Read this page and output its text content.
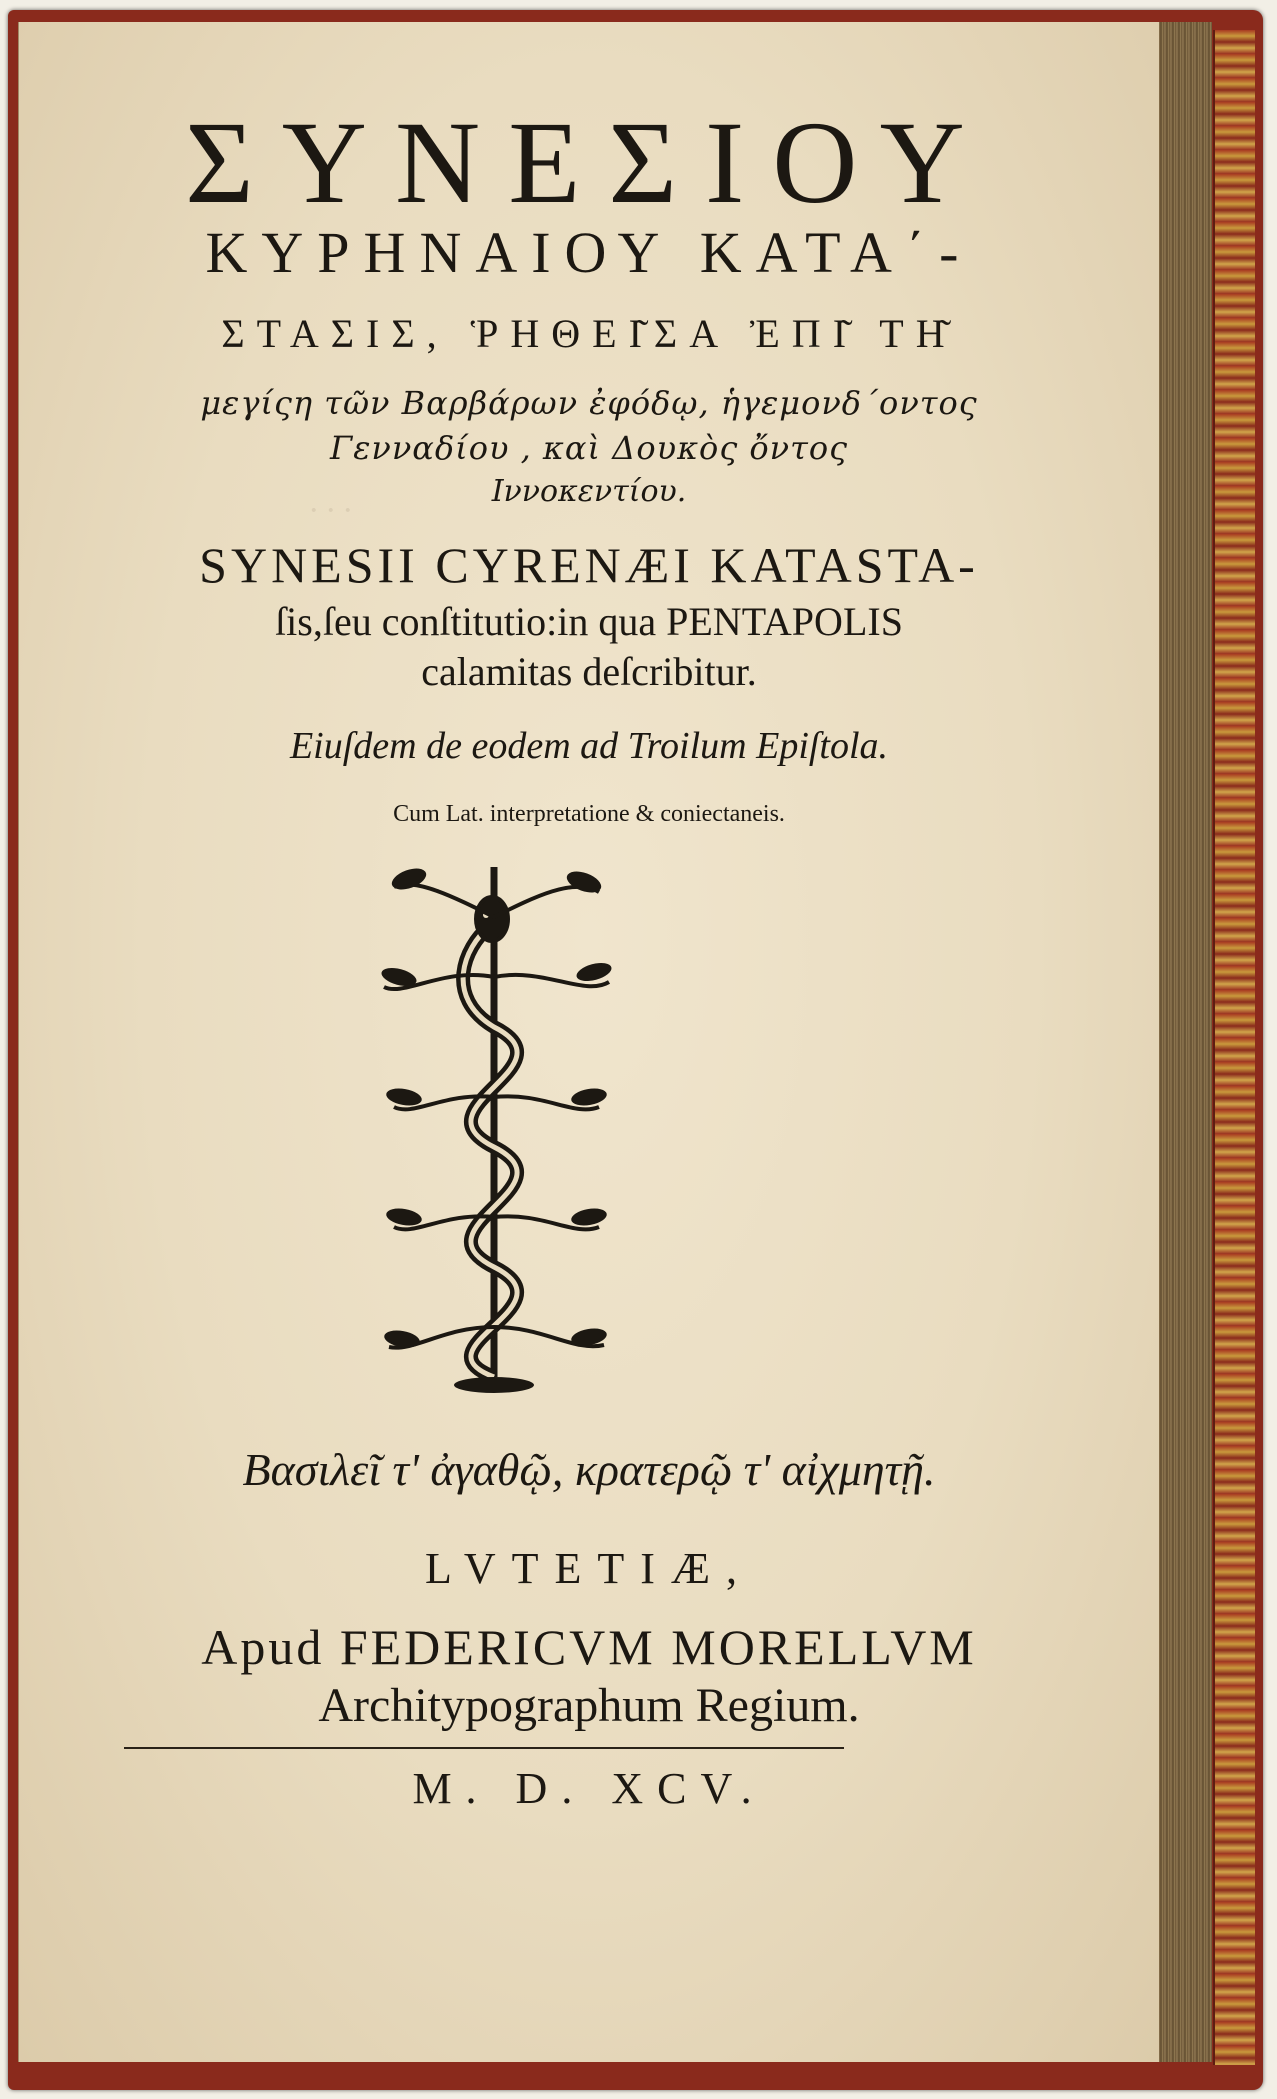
· · ·
ΣΥΝΕΣΙΟΥ
ΚΥΡΗΝΑΙΟΥ ΚΑΤΑ΄-
ΣΤΑΣΙΣ, ῬΗΘΕΙ͂ΣΑ ἘΠΙ͂ ΤΗ͂
μεγίςη τῶν Βαρβάρων ἐφόδῳ, ἡγεμονδ΄οντος
Γενναδίου , καὶ Δουκὸς ὄντος
Ιννοκεντίου.
SYNESII CYRENÆI KATASTA-
ſis,ſeu conſtitutio:in qua PENTAPOLIS
calamitas deſcribitur.
Eiuſdem de eodem ad Troilum Epiſtola.
Cum Lat. interpretatione & coniectaneis.
Βασιλεῖ τ' ἀγαθῷ, κρατερῷ τ' αἰχμητῇ.
LVTETIÆ,
Apud FEDERICVM MORELLVM
Architypographum Regium.
M. D. XCV.
